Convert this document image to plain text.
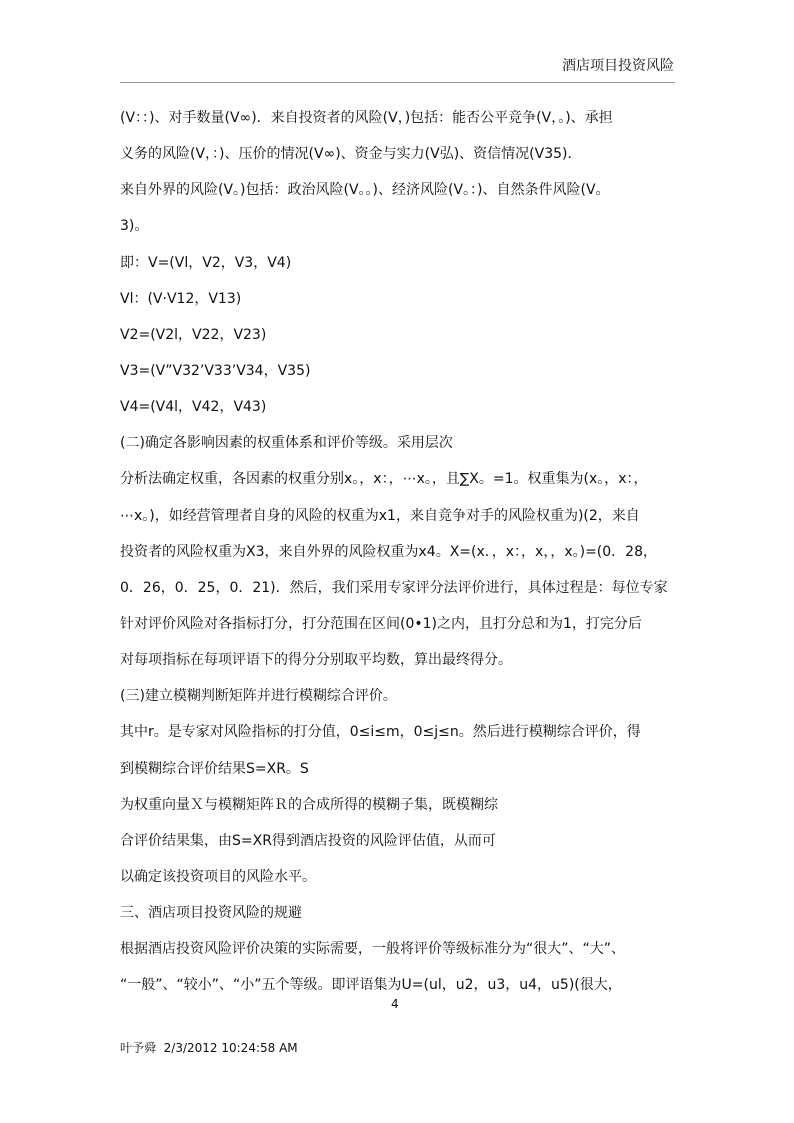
酒店项目投资风险
(V：：)、对手数量(V∞)．来自投资者的风险(V，)包括：能否公平竞争(V，。)、承担
义务的风险(V，：)、压价的情况(V∞)、资金与实力(V弘)、资信情况(V35)．
来自外界的风险(V。)包括：政治风险(V。。)、经济风险(V。：)、自然条件风险(V。
3)。
即：V=(Vl，V2，V3，V4)
Vl：(V·V12，V13)
V2=(V2l，V22，V23)
V3=(V”V32’V33’V34，V35)
V4=(V4l，V42，V43)
(二)确定各影响因素的权重体系和评价等级。采用层次
分析法确定权重，各因素的权重分别x。，x：，⋯x。，且∑X。=1。权重集为(x。，x：，
⋯x。)，如经营管理者自身的风险的权重为x1，来自竞争对手的风险权重为)(2，来自
投资者的风险权重为X3，来自外界的风险权重为x4。X=(x．，x：，x，，x。)=(0．28，
0．26，0．25，0．21)．然后，我们采用专家评分法评价进行，具体过程是：每位专家
针对评价风险对各指标打分，打分范围在区间(0•1)之内，且打分总和为1，打完分后
对每项指标在每项评语下的得分分别取平均数，算出最终得分。
(三)建立模糊判断矩阵并进行模糊综合评价。
其中r。是专家对风险指标的打分值，0≤i≤m，0≤j≤n。然后进行模糊综合评价，得
到模糊综合评价结果S=XR。S
为权重向量Ｘ与模糊矩阵Ｒ的合成所得的模糊子集，既模糊综
合评价结果集，由S=XR得到酒店投资的风险评估值，从而可
以确定该投资项目的风险水平。
三、酒店项目投资风险的规避
根据酒店投资风险评价决策的实际需要，一般将评价等级标准分为“很大”、“大”、
“一般”、“较小”、“小”五个等级。即评语集为U=(ul，u2，u3，u4，u5)(很大，
4
叶予舜 2/3/2012 10:24:58 AM
